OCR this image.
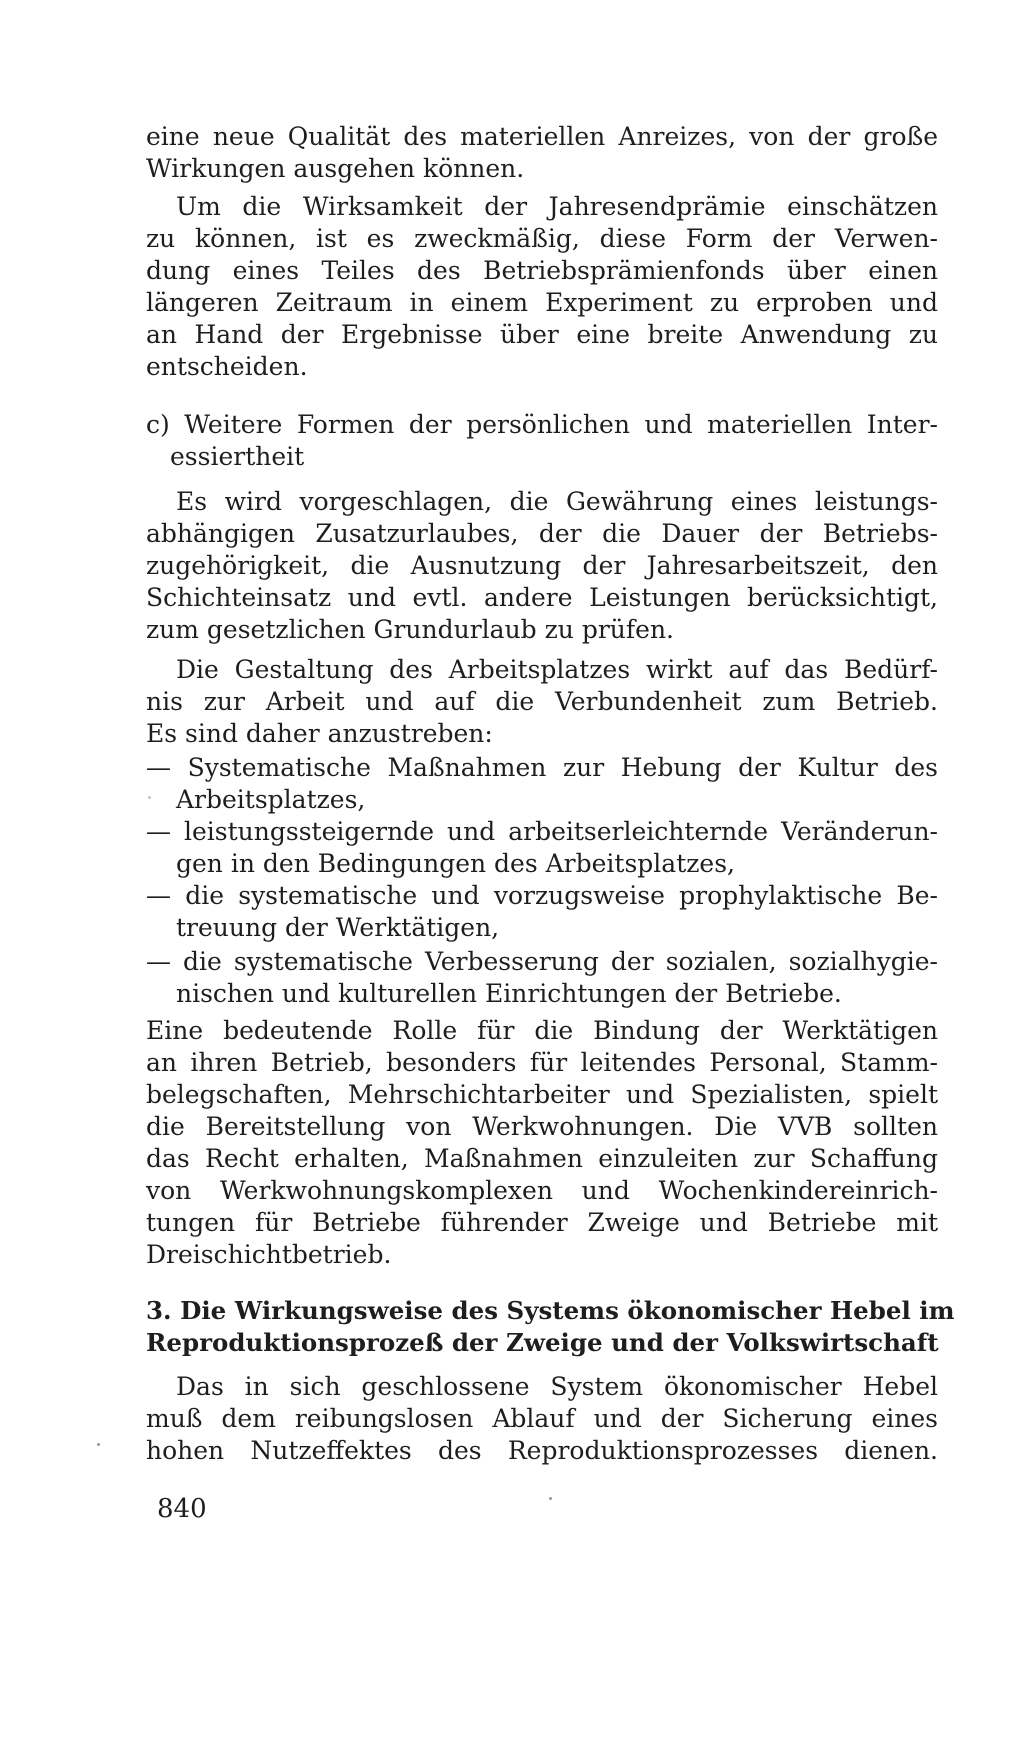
eine neue Qualität des materiellen Anreizes, von der große
Wirkungen ausgehen können.
Um die Wirksamkeit der Jahresendprämie einschätzen
zu können, ist es zweckmäßig, diese Form der Verwen-
dung eines Teiles des Betriebsprämienfonds über einen
längeren Zeitraum in einem Experiment zu erproben und
an Hand der Ergebnisse über eine breite Anwendung zu
entscheiden.
c) Weitere Formen der persönlichen und materiellen Inter-
essiertheit
Es wird vorgeschlagen, die Gewährung eines leistungs-
abhängigen Zusatzurlaubes, der die Dauer der Betriebs-
zugehörigkeit, die Ausnutzung der Jahresarbeitszeit, den
Schichteinsatz und evtl. andere Leistungen berücksichtigt,
zum gesetzlichen Grundurlaub zu prüfen.
Die Gestaltung des Arbeitsplatzes wirkt auf das Bedürf-
nis zur Arbeit und auf die Verbundenheit zum Betrieb.
Es sind daher anzustreben:
— Systematische Maßnahmen zur Hebung der Kultur des
Arbeitsplatzes,
— leistungssteigernde und arbeitserleichternde Veränderun-
gen in den Bedingungen des Arbeitsplatzes,
— die systematische und vorzugsweise prophylaktische Be-
treuung der Werktätigen,
— die systematische Verbesserung der sozialen, sozialhygie-
nischen und kulturellen Einrichtungen der Betriebe.
Eine bedeutende Rolle für die Bindung der Werktätigen
an ihren Betrieb, besonders für leitendes Personal, Stamm-
belegschaften, Mehrschichtarbeiter und Spezialisten, spielt
die Bereitstellung von Werkwohnungen. Die VVB sollten
das Recht erhalten, Maßnahmen einzuleiten zur Schaffung
von Werkwohnungskomplexen und Wochenkindereinrich-
tungen für Betriebe führender Zweige und Betriebe mit
Dreischichtbetrieb.
3. Die Wirkungsweise des Systems ökonomischer Hebel im
Reproduktionsprozeß der Zweige und der Volkswirtschaft
Das in sich geschlossene System ökonomischer Hebel
muß dem reibungslosen Ablauf und der Sicherung eines
hohen Nutzeffektes des Reproduktionsprozesses dienen.
840
